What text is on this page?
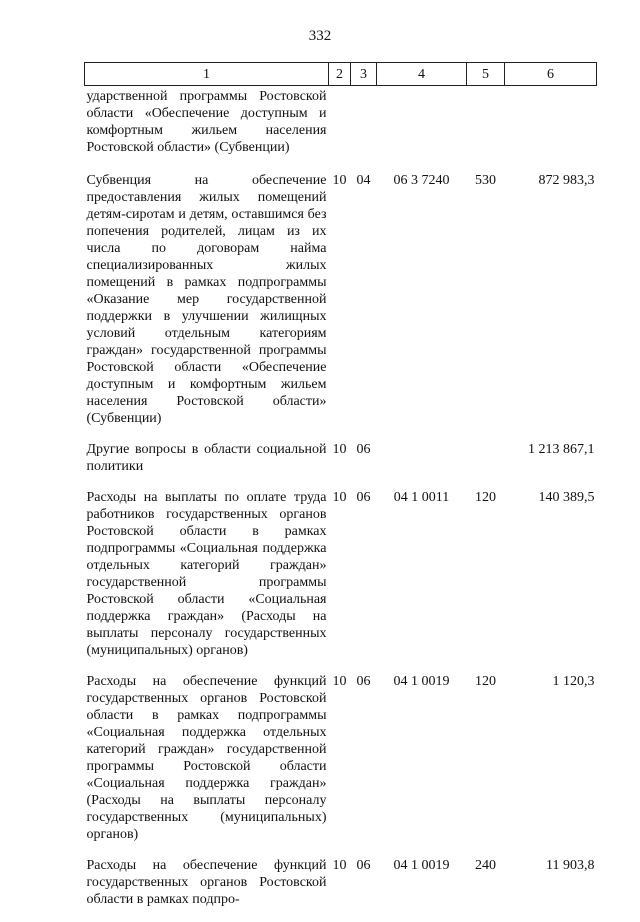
332
1	2	3	4	5	6
ударственной программы Ростовской области «Обеспечение доступным и комфортным жильем населения Ростовской области» (Субвенции)					
Субвенция на обеспечение предоставления жилых помещений детям-сиротам и детям, оставшимся без попечения родителей, лицам из их числа по договорам найма специализированных жилых помещений в рамках подпрограммы «Оказание мер государственной поддержки в улучшении жилищных условий отдельным категориям граждан» государственной программы Ростовской области «Обеспечение доступным и комфортным жильем населения Ростовской области» (Субвенции)	10	04	06 3 7240	530	872 983,3
Другие вопросы в области социальной политики	10	06			1 213 867,1
Расходы на выплаты по оплате труда работников государственных органов Ростовской области в рамках подпрограммы «Социальная поддержка отдельных категорий граждан» государственной программы Ростовской области «Социальная поддержка граждан» (Расходы на выплаты персоналу государственных (муниципальных) органов)	10	06	04 1 0011	120	140 389,5
Расходы на обеспечение функций государственных органов Ростовской области в рамках подпрограммы «Социальная поддержка отдельных категорий граждан» государственной программы Ростовской области «Социальная поддержка граждан» (Расходы на выплаты персоналу государственных (муниципальных) органов)	10	06	04 1 0019	120	1 120,3
Расходы на обеспечение функций государственных органов Ростовской области в рамках подпро-	10	06	04 1 0019	240	11 903,8
